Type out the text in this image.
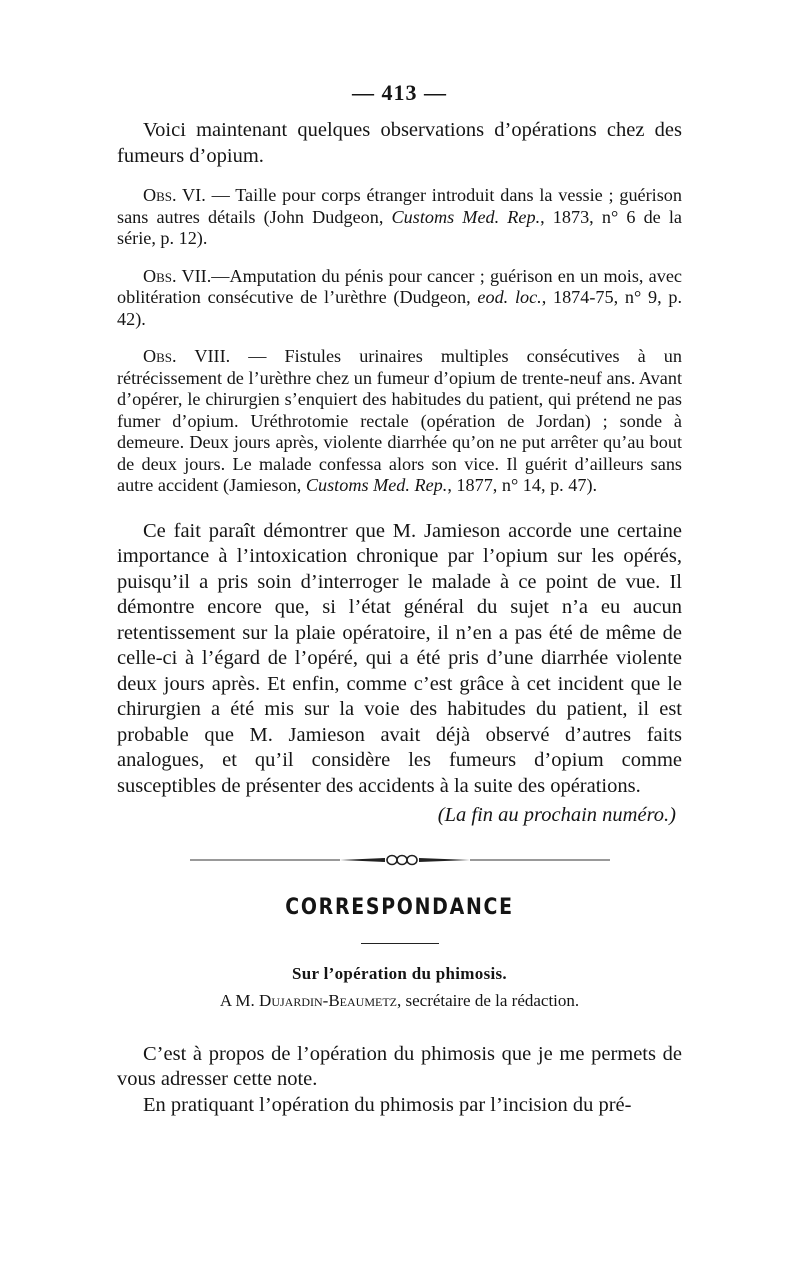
— 413 —

Voici maintenant quelques observations d’opérations chez des fumeurs d’opium.

Obs. VI. — Taille pour corps étranger introduit dans la vessie ; guérison sans autres détails (John Dudgeon, Customs Med. Rep., 1873, n° 6 de la série, p. 12).

Obs. VII.—Amputation du pénis pour cancer ; guérison en un mois, avec oblitération consécutive de l’urèthre (Dudgeon, eod. loc., 1874-75, n° 9, p. 42).

Obs. VIII. — Fistules urinaires multiples consécutives à un rétrécissement de l’urèthre chez un fumeur d’opium de trente-neuf ans. Avant d’opérer, le chirurgien s’enquiert des habitudes du patient, qui prétend ne pas fumer d’opium. Uréthrotomie rectale (opération de Jordan) ; sonde à demeure. Deux jours après, violente diarrhée qu’on ne put arrêter qu’au bout de deux jours. Le malade confessa alors son vice. Il guérit d’ailleurs sans autre accident (Jamieson, Customs Med. Rep., 1877, n° 14, p. 47).

Ce fait paraît démontrer que M. Jamieson accorde une certaine importance à l’intoxication chronique par l’opium sur les opérés, puisqu’il a pris soin d’interroger le malade à ce point de vue. Il démontre encore que, si l’état général du sujet n’a eu aucun retentissement sur la plaie opératoire, il n’en a pas été de même de celle-ci à l’égard de l’opéré, qui a été pris d’une diarrhée violente deux jours après. Et enfin, comme c’est grâce à cet incident que le chirurgien a été mis sur la voie des habitudes du patient, il est probable que M. Jamieson avait déjà observé d’autres faits analogues, et qu’il considère les fumeurs d’opium comme susceptibles de présenter des accidents à la suite des opérations.

(La fin au prochain numéro.)
CORRESPONDANCE
Sur l’opération du phimosis.
A M. Dujardin-Beaumetz, secrétaire de la rédaction.

C’est à propos de l’opération du phimosis que je me permets de vous adresser cette note.

En pratiquant l’opération du phimosis par l’incision du pré-
